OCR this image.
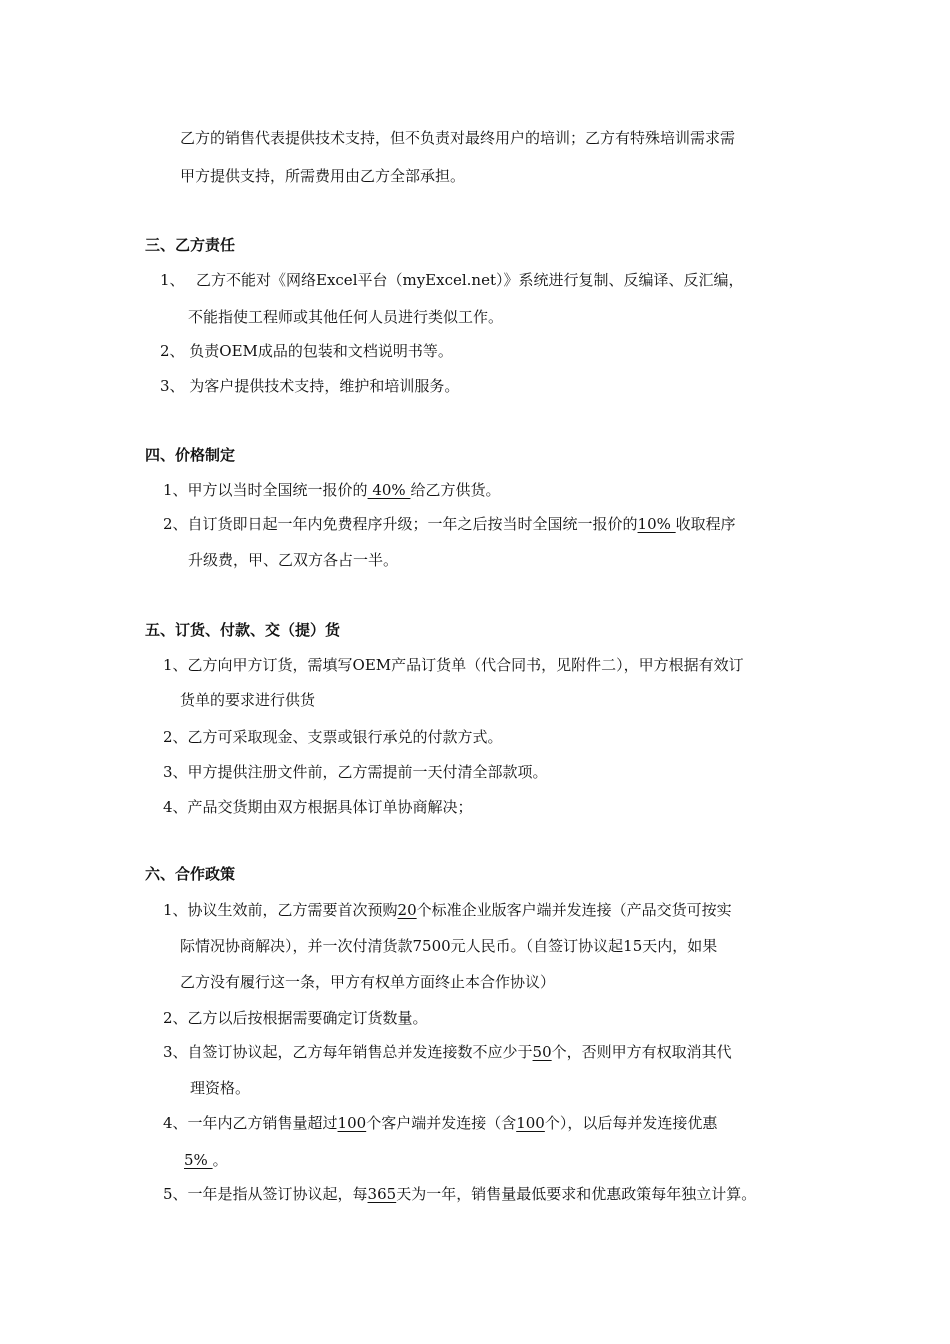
乙方的销售代表提供技术支持，但不负责对最终用户的培训；乙方有特殊培训需求需
甲方提供支持，所需费用由乙方全部承担。
三、乙方责任
1、 乙方不能对《网络Excel平台（myExcel.net）》系统进行复制、反编译、反汇编，
不能指使工程师或其他任何人员进行类似工作。
2、 负责OEM成品的包装和文档说明书等。
3、 为客户提供技术支持，维护和培训服务。
四、价格制定
1、甲方以当时全国统一报价的 40% 给乙方供货。
2、自订货即日起一年内免费程序升级；一年之后按当时全国统一报价的10% 收取程序
升级费，甲、乙双方各占一半。
五、订货、付款、交（提）货
1、乙方向甲方订货，需填写OEM产品订货单（代合同书，见附件二），甲方根据有效订
货单的要求进行供货
2、乙方可采取现金、支票或银行承兑的付款方式。
3、甲方提供注册文件前，乙方需提前一天付清全部款项。
4、产品交货期由双方根据具体订单协商解决；
六、合作政策
1、协议生效前，乙方需要首次预购20个标准企业版客户端并发连接（产品交货可按实
际情况协商解决），并一次付清货款7500元人民币。（自签订协议起15天内，如果
乙方没有履行这一条，甲方有权单方面终止本合作协议）
2、乙方以后按根据需要确定订货数量。
3、自签订协议起，乙方每年销售总并发连接数不应少于50个，否则甲方有权取消其代
理资格。
4、一年内乙方销售量超过100个客户端并发连接（含100个），以后每并发连接优惠
5% 。
5、一年是指从签订协议起，每365天为一年，销售量最低要求和优惠政策每年独立计算。
